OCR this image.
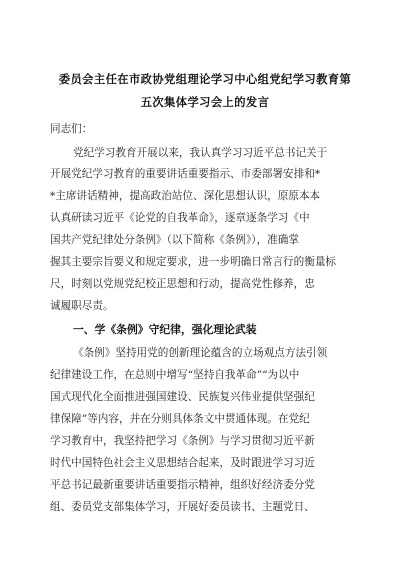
委员会主任在市政协党组理论学习中心组党纪学习教育第
五次集体学习会上的发言
同志们：
党纪学习教育开展以来，我认真学习习近平总书记关于
开展党纪学习教育的重要讲话重要指示、市委部署安排和*
*主席讲话精神，提高政治站位、深化思想认识，原原本本
认真研读习近平《论党的自我革命》，逐章逐条学习《中
国共产党纪律处分条例》（以下简称《条例》），准确掌
握其主要宗旨要义和规定要求，进一步明确日常言行的衡量标
尺，时刻以党规党纪校正思想和行动，提高党性修养，忠
诚履职尽责。
一、学《条例》守纪律，强化理论武装
《条例》坚持用党的创新理论蕴含的立场观点方法引领
纪律建设工作，在总则中增写“坚持自我革命”“为以中
国式现代化全面推进强国建设、民族复兴伟业提供坚强纪
律保障”等内容，并在分则具体条文中贯通体现。在党纪
学习教育中，我坚持把学习《条例》与学习贯彻习近平新
时代中国特色社会主义思想结合起来，及时跟进学习习近
平总书记最新重要讲话重要指示精神，组织好经济委分党
组、委员党支部集体学习，开展好委员读书、主题党日、
